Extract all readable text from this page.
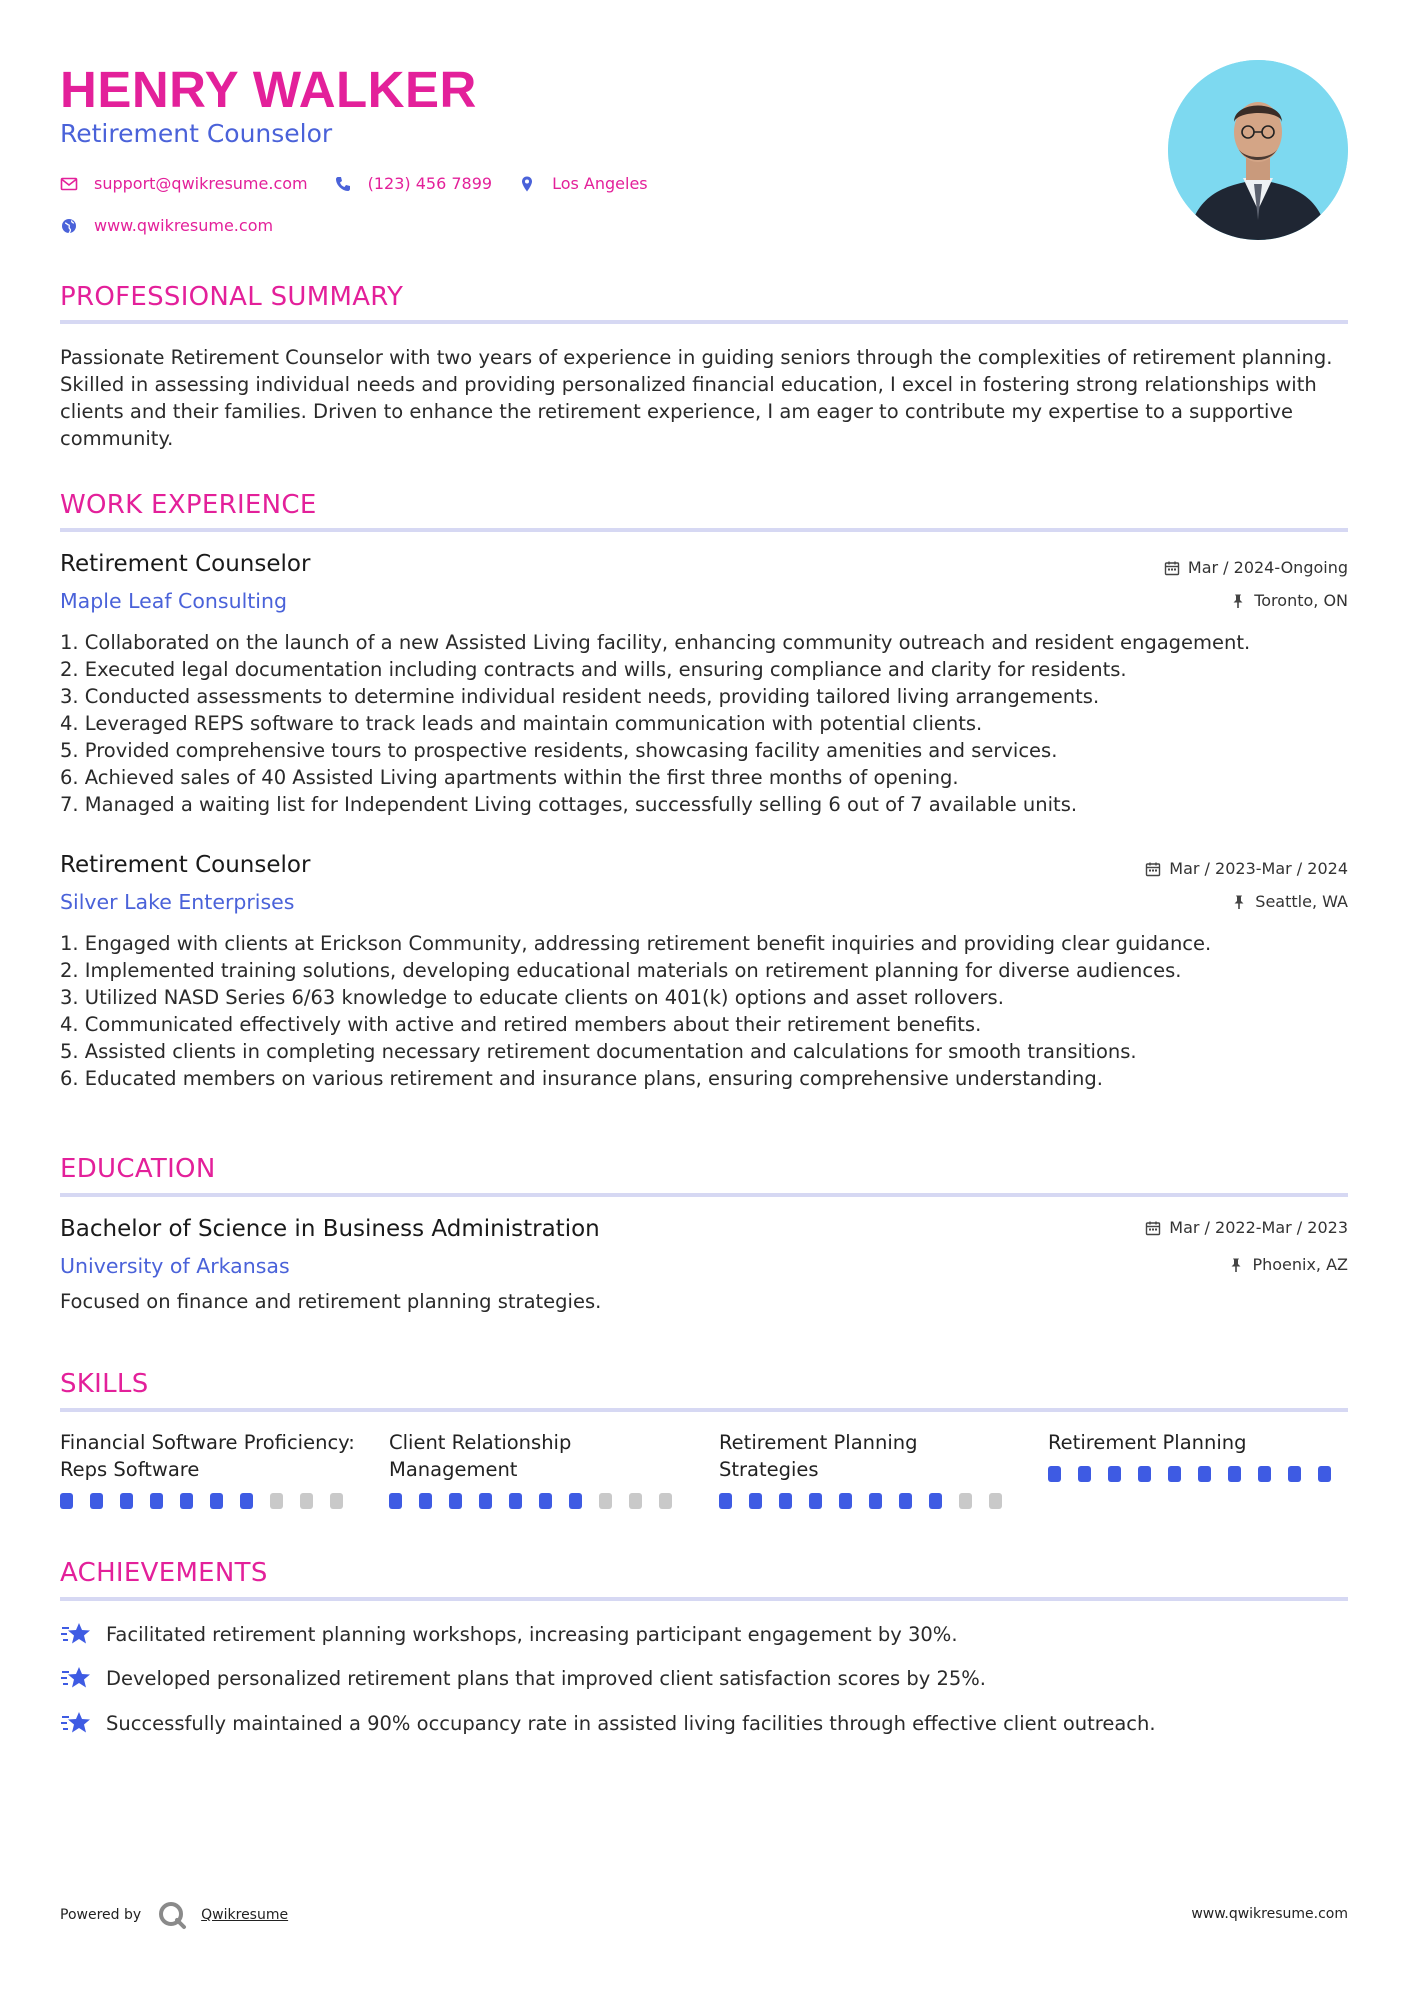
HENRY WALKER
Retirement Counselor
support@qwikresume.com	(123) 456 7899	Los Angeles
www.qwikresume.com
PROFESSIONAL SUMMARY
Passionate Retirement Counselor with two years of experience in guiding seniors through the complexities of retirement planning. Skilled in assessing individual needs and providing personalized financial education, I excel in fostering strong relationships with clients and their families. Driven to enhance the retirement experience, I am eager to contribute my expertise to a supportive community.
WORK EXPERIENCE
Retirement Counselor
Maple Leaf Consulting
Mar / 2024-Ongoing
Toronto, ON
1. Collaborated on the launch of a new Assisted Living facility, enhancing community outreach and resident engagement.
2. Executed legal documentation including contracts and wills, ensuring compliance and clarity for residents.
3. Conducted assessments to determine individual resident needs, providing tailored living arrangements.
4. Leveraged REPS software to track leads and maintain communication with potential clients.
5. Provided comprehensive tours to prospective residents, showcasing facility amenities and services.
6. Achieved sales of 40 Assisted Living apartments within the first three months of opening.
7. Managed a waiting list for Independent Living cottages, successfully selling 6 out of 7 available units.
Retirement Counselor
Silver Lake Enterprises
Mar / 2023-Mar / 2024
Seattle, WA
1. Engaged with clients at Erickson Community, addressing retirement benefit inquiries and providing clear guidance.
2. Implemented training solutions, developing educational materials on retirement planning for diverse audiences.
3. Utilized NASD Series 6/63 knowledge to educate clients on 401(k) options and asset rollovers.
4. Communicated effectively with active and retired members about their retirement benefits.
5. Assisted clients in completing necessary retirement documentation and calculations for smooth transitions.
6. Educated members on various retirement and insurance plans, ensuring comprehensive understanding.
EDUCATION
Bachelor of Science in Business Administration
University of Arkansas
Mar / 2022-Mar / 2023
Phoenix, AZ
Focused on finance and retirement planning strategies.
SKILLS
Financial Software Proficiency: Reps Software
Client Relationship Management
Retirement Planning Strategies
Retirement Planning
ACHIEVEMENTS
Facilitated retirement planning workshops, increasing participant engagement by 30%.
Developed personalized retirement plans that improved client satisfaction scores by 25%.
Successfully maintained a 90% occupancy rate in assisted living facilities through effective client outreach.
Powered by	Qwikresume	www.qwikresume.com
